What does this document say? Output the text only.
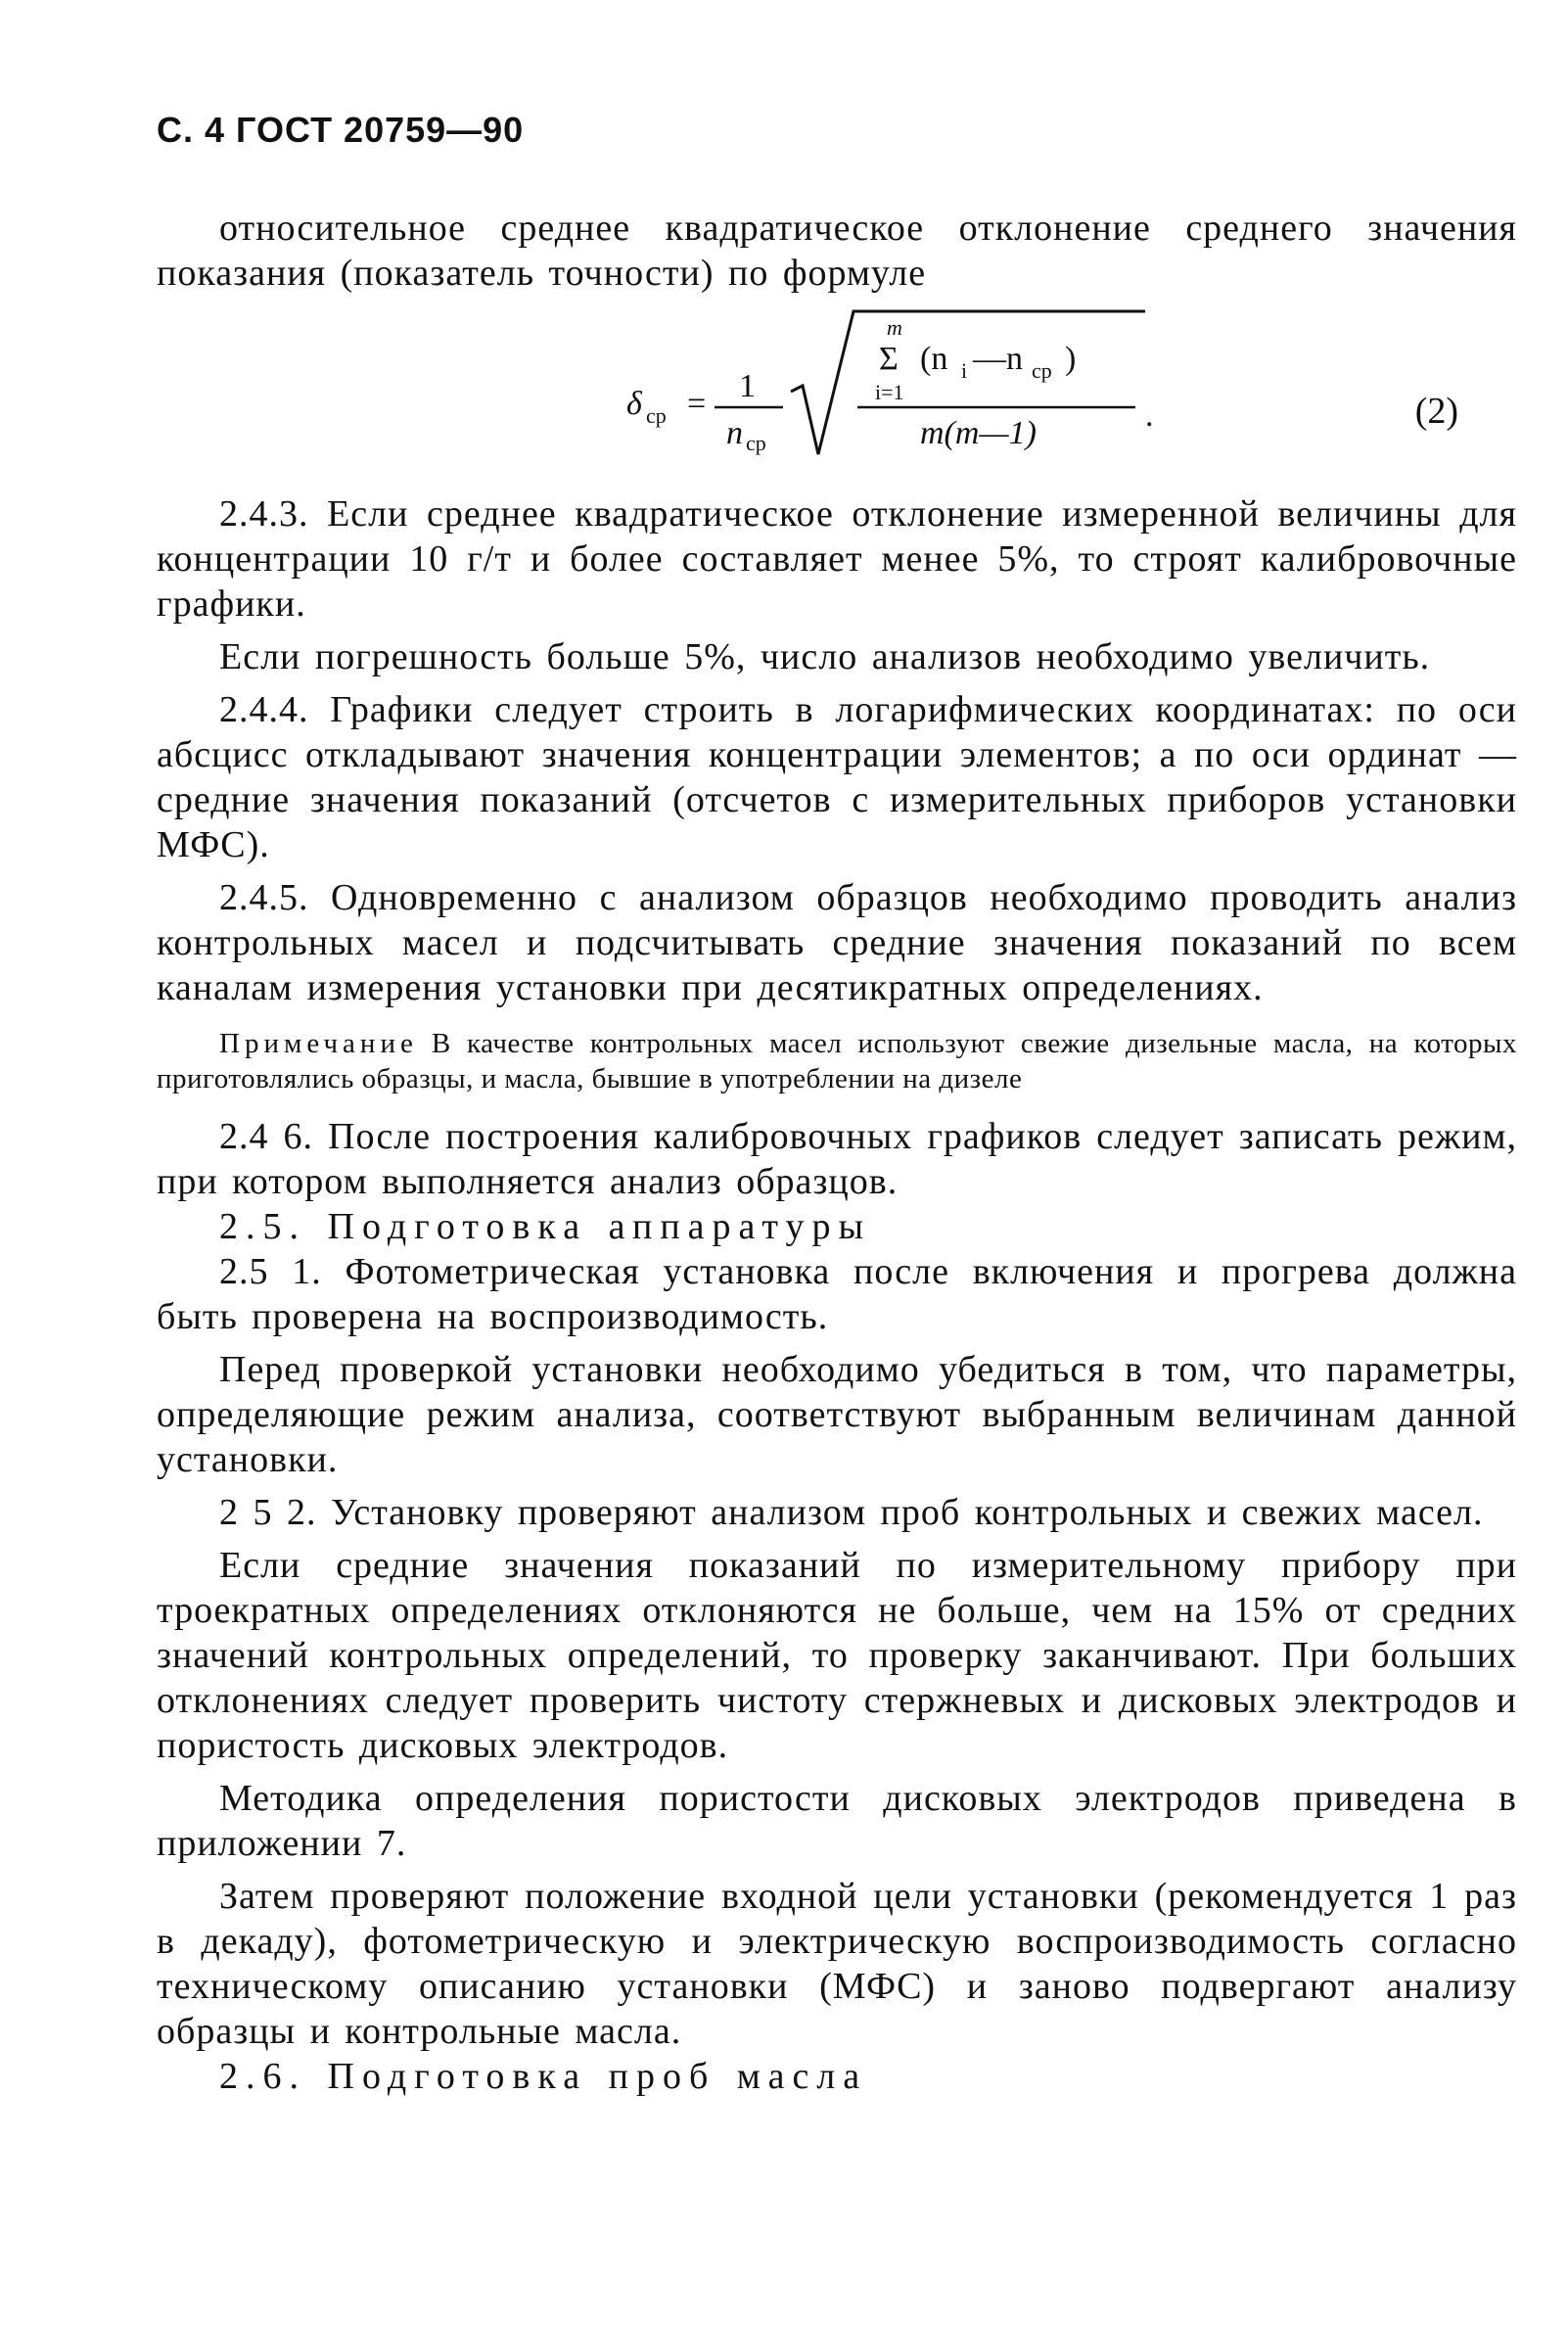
С. 4 ГОСТ 20759—90

относительное среднее квадратическое отклонение среднего значения показания (показатель точности) по формуле

δ ср = 1
n ср
m
Σ
i=1
(n i —n ср )
m(m—1)	.	(2)

2.4.3. Если среднее квадратическое отклонение измеренной величины для концентрации 10 г/т и более составляет менее 5%, то строят калибровочные графики.

Если погрешность больше 5%, число анализов необходимо увеличить.

2.4.4. Графики следует строить в логарифмических координатах: по оси абсцисс откладывают значения концентрации элементов; а по оси ординат — средние значения показаний (отсчетов с измерительных приборов установки МФС).

2.4.5. Одновременно с анализом образцов необходимо проводить анализ контрольных масел и подсчитывать средние значения показаний по всем каналам измерения установки при десятикратных определениях.

Примечание В качестве контрольных масел используют свежие дизельные масла, на которых приготовлялись образцы, и масла, бывшие в употреблении на дизеле

2.4 6. После построения калибровочных графиков следует записать режим, при котором выполняется анализ образцов.

2.5. Подготовка аппаратуры

2.5 1. Фотометрическая установка после включения и прогрева должна быть проверена на воспроизводимость.

Перед проверкой установки необходимо убедиться в том, что параметры, определяющие режим анализа, соответствуют выбранным величинам данной установки.

2 5 2. Установку проверяют анализом проб контрольных и свежих масел.

Если средние значения показаний по измерительному прибору при троекратных определениях отклоняются не больше, чем на 15% от средних значений контрольных определений, то проверку заканчивают. При больших отклонениях следует проверить чистоту стержневых и дисковых электродов и пористость дисковых электродов.

Методика определения пористости дисковых электродов приведена в приложении 7.

Затем проверяют положение входной цели установки (рекомендуется 1 раз в декаду), фотометрическую и электрическую воспроизводимость согласно техническому описанию установки (МФС) и заново подвергают анализу образцы и контрольные масла.

2.6. Подготовка проб масла
